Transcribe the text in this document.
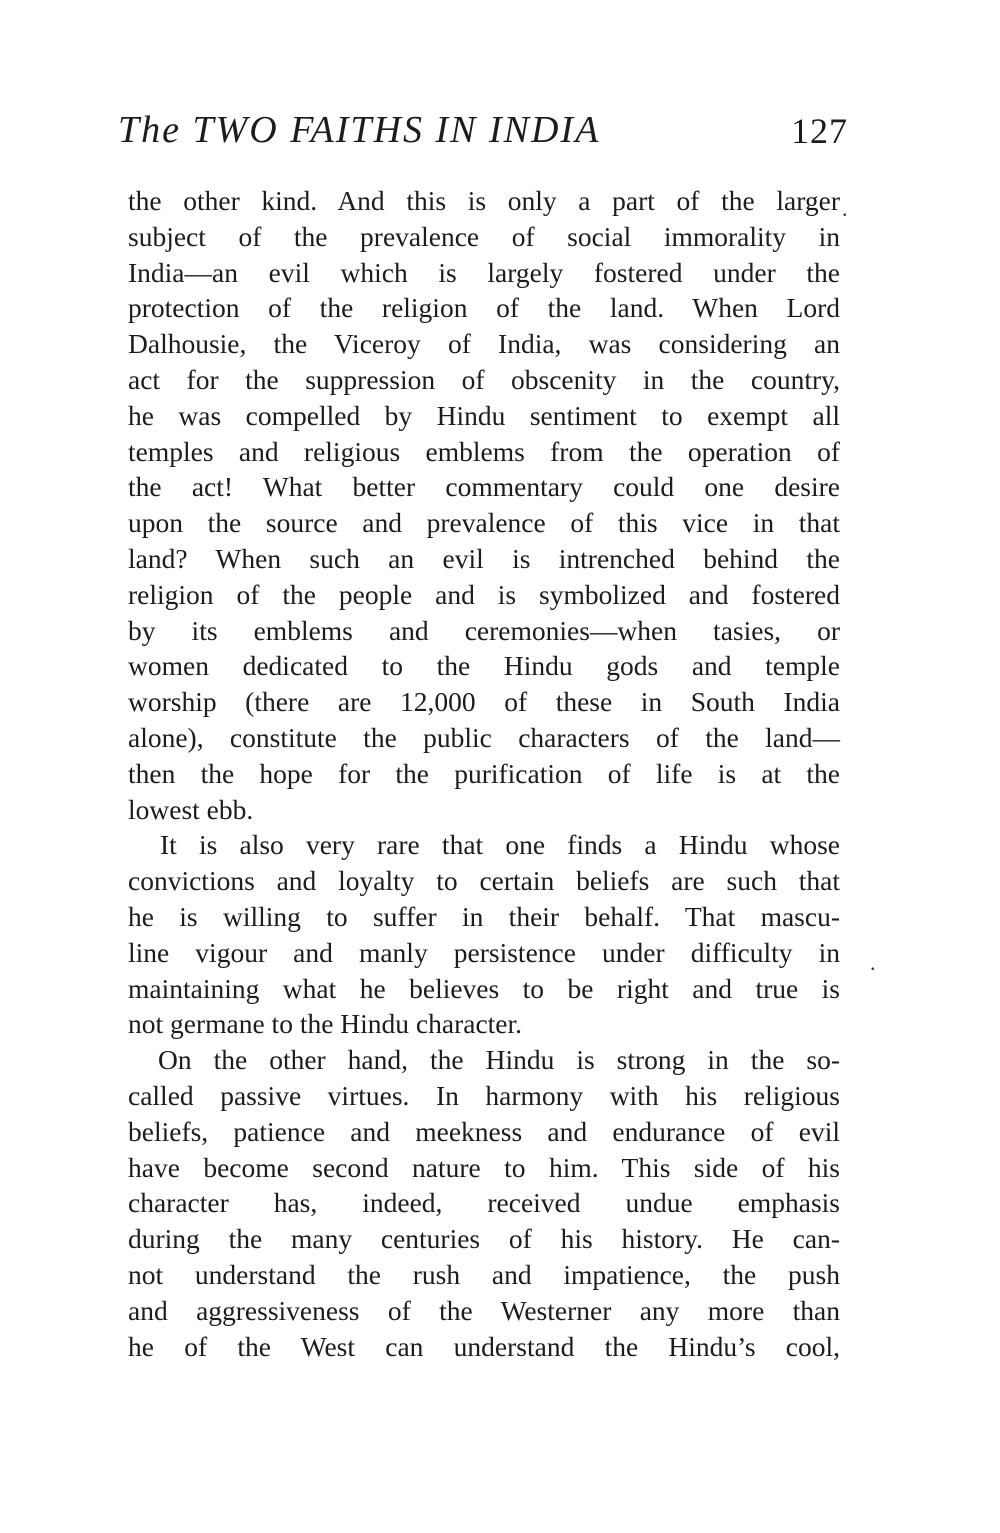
The TWO FAITHS IN INDIA	127
the other kind. And this is only a part of the larger
subject of the prevalence of social immorality in
India—an evil which is largely fostered under the
protection of the religion of the land. When Lord
Dalhousie, the Viceroy of India, was considering an
act for the suppression of obscenity in the country,
he was compelled by Hindu sentiment to exempt all
temples and religious emblems from the operation of
the act! What better commentary could one desire
upon the source and prevalence of this vice in that
land? When such an evil is intrenched behind the
religion of the people and is symbolized and fostered
by its emblems and ceremonies—when tasies, or
women dedicated to the Hindu gods and temple
worship (there are 12,000 of these in South India
alone), constitute the public characters of the land—
then the hope for the purification of life is at the
lowest ebb.
It is also very rare that one finds a Hindu whose
convictions and loyalty to certain beliefs are such that
he is willing to suffer in their behalf. That mascu-
line vigour and manly persistence under difficulty in
maintaining what he believes to be right and true is
not germane to the Hindu character.
On the other hand, the Hindu is strong in the so-
called passive virtues. In harmony with his religious
beliefs, patience and meekness and endurance of evil
have become second nature to him. This side of his
character has, indeed, received undue emphasis
during the many centuries of his history. He can-
not understand the rush and impatience, the push
and aggressiveness of the Westerner any more than
he of the West can understand the Hindu’s cool,
.
.
